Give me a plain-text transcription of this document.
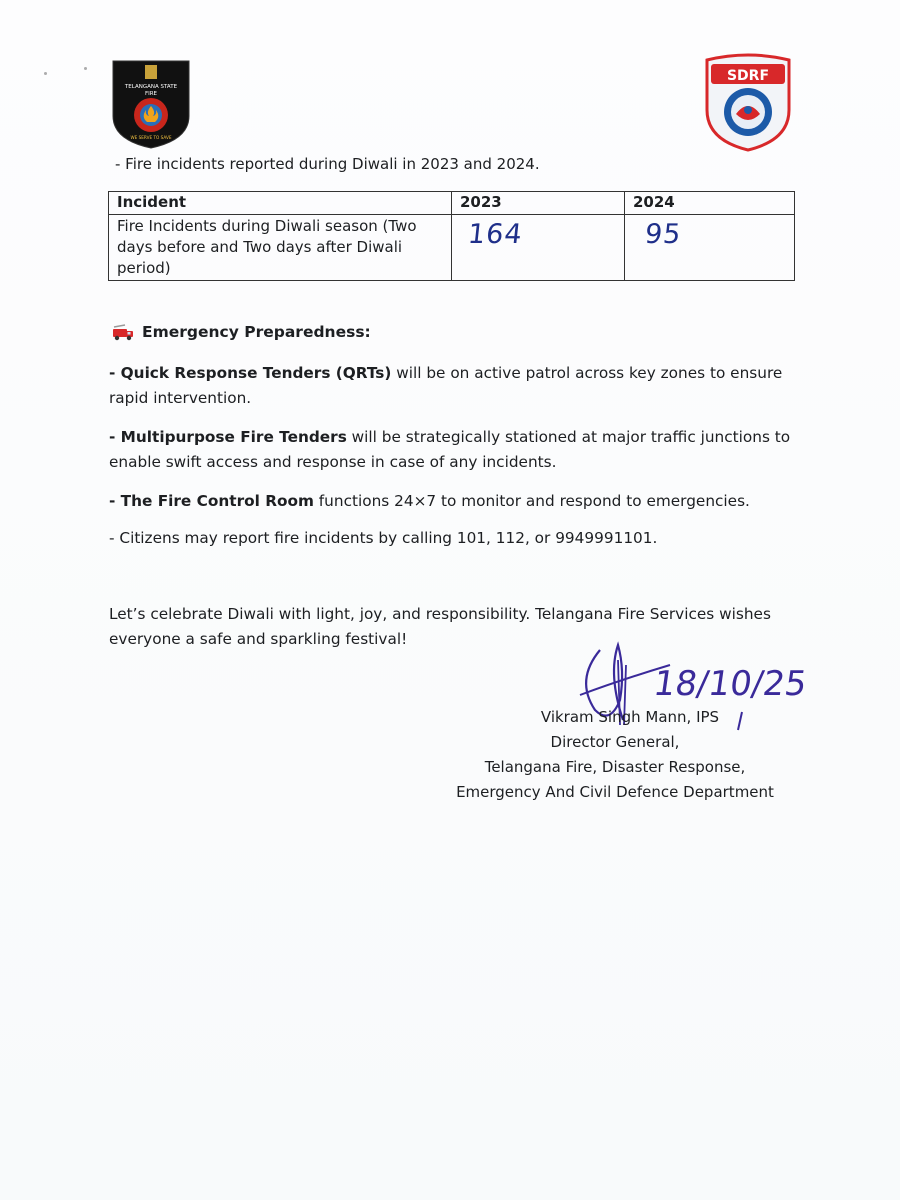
TELANGANA STATE
FIRE
WE SERVE TO SAVE
SDRF
- Fire incidents reported during Diwali in 2023 and 2024.
Incident	2023	2024
Fire Incidents during Diwali season (Two days before and Two days after Diwali period)	164	95
Emergency Preparedness:
- Quick Response Tenders (QRTs) will be on active patrol across key zones to ensure rapid intervention.
- Multipurpose Fire Tenders will be strategically stationed at major traffic junctions to enable swift access and response in case of any incidents.
- The Fire Control Room functions 24×7 to monitor and respond to emergencies.
- Citizens may report fire incidents by calling 101, 112, or 9949991101.
Let’s celebrate Diwali with light, joy, and responsibility. Telangana Fire Services wishes everyone a safe and sparkling festival!
18/10/25
Vikram Singh Mann, IPS
Director General,
Telangana Fire, Disaster Response,
Emergency And Civil Defence Department
